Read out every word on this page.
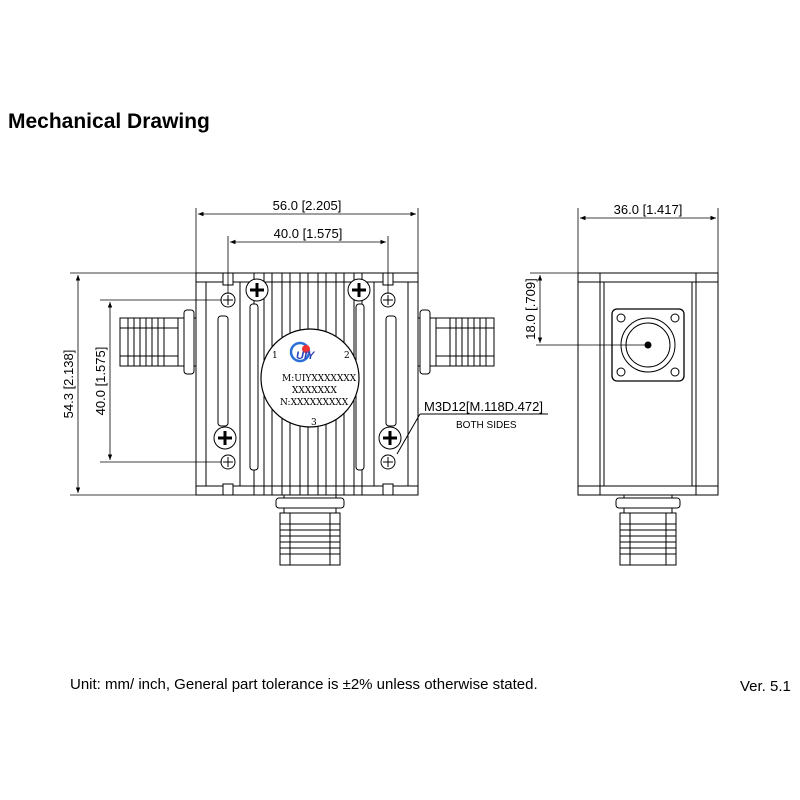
Mechanical Drawing
UIY
1	2
3
M:UIYXXXXXXX
XXXXXXX
N:XXXXXXXXX	M3D12[M.118D.472]
BOTH SIDES
56.0 [2.205]
40.0 [1.575]
54.3 [2.138] 40.0 [1.575]
36.0 [1.417]
18.0 [.709]

Unit: mm/ inch, General part tolerance is ±2% unless otherwise stated.	Ver. 5.1
